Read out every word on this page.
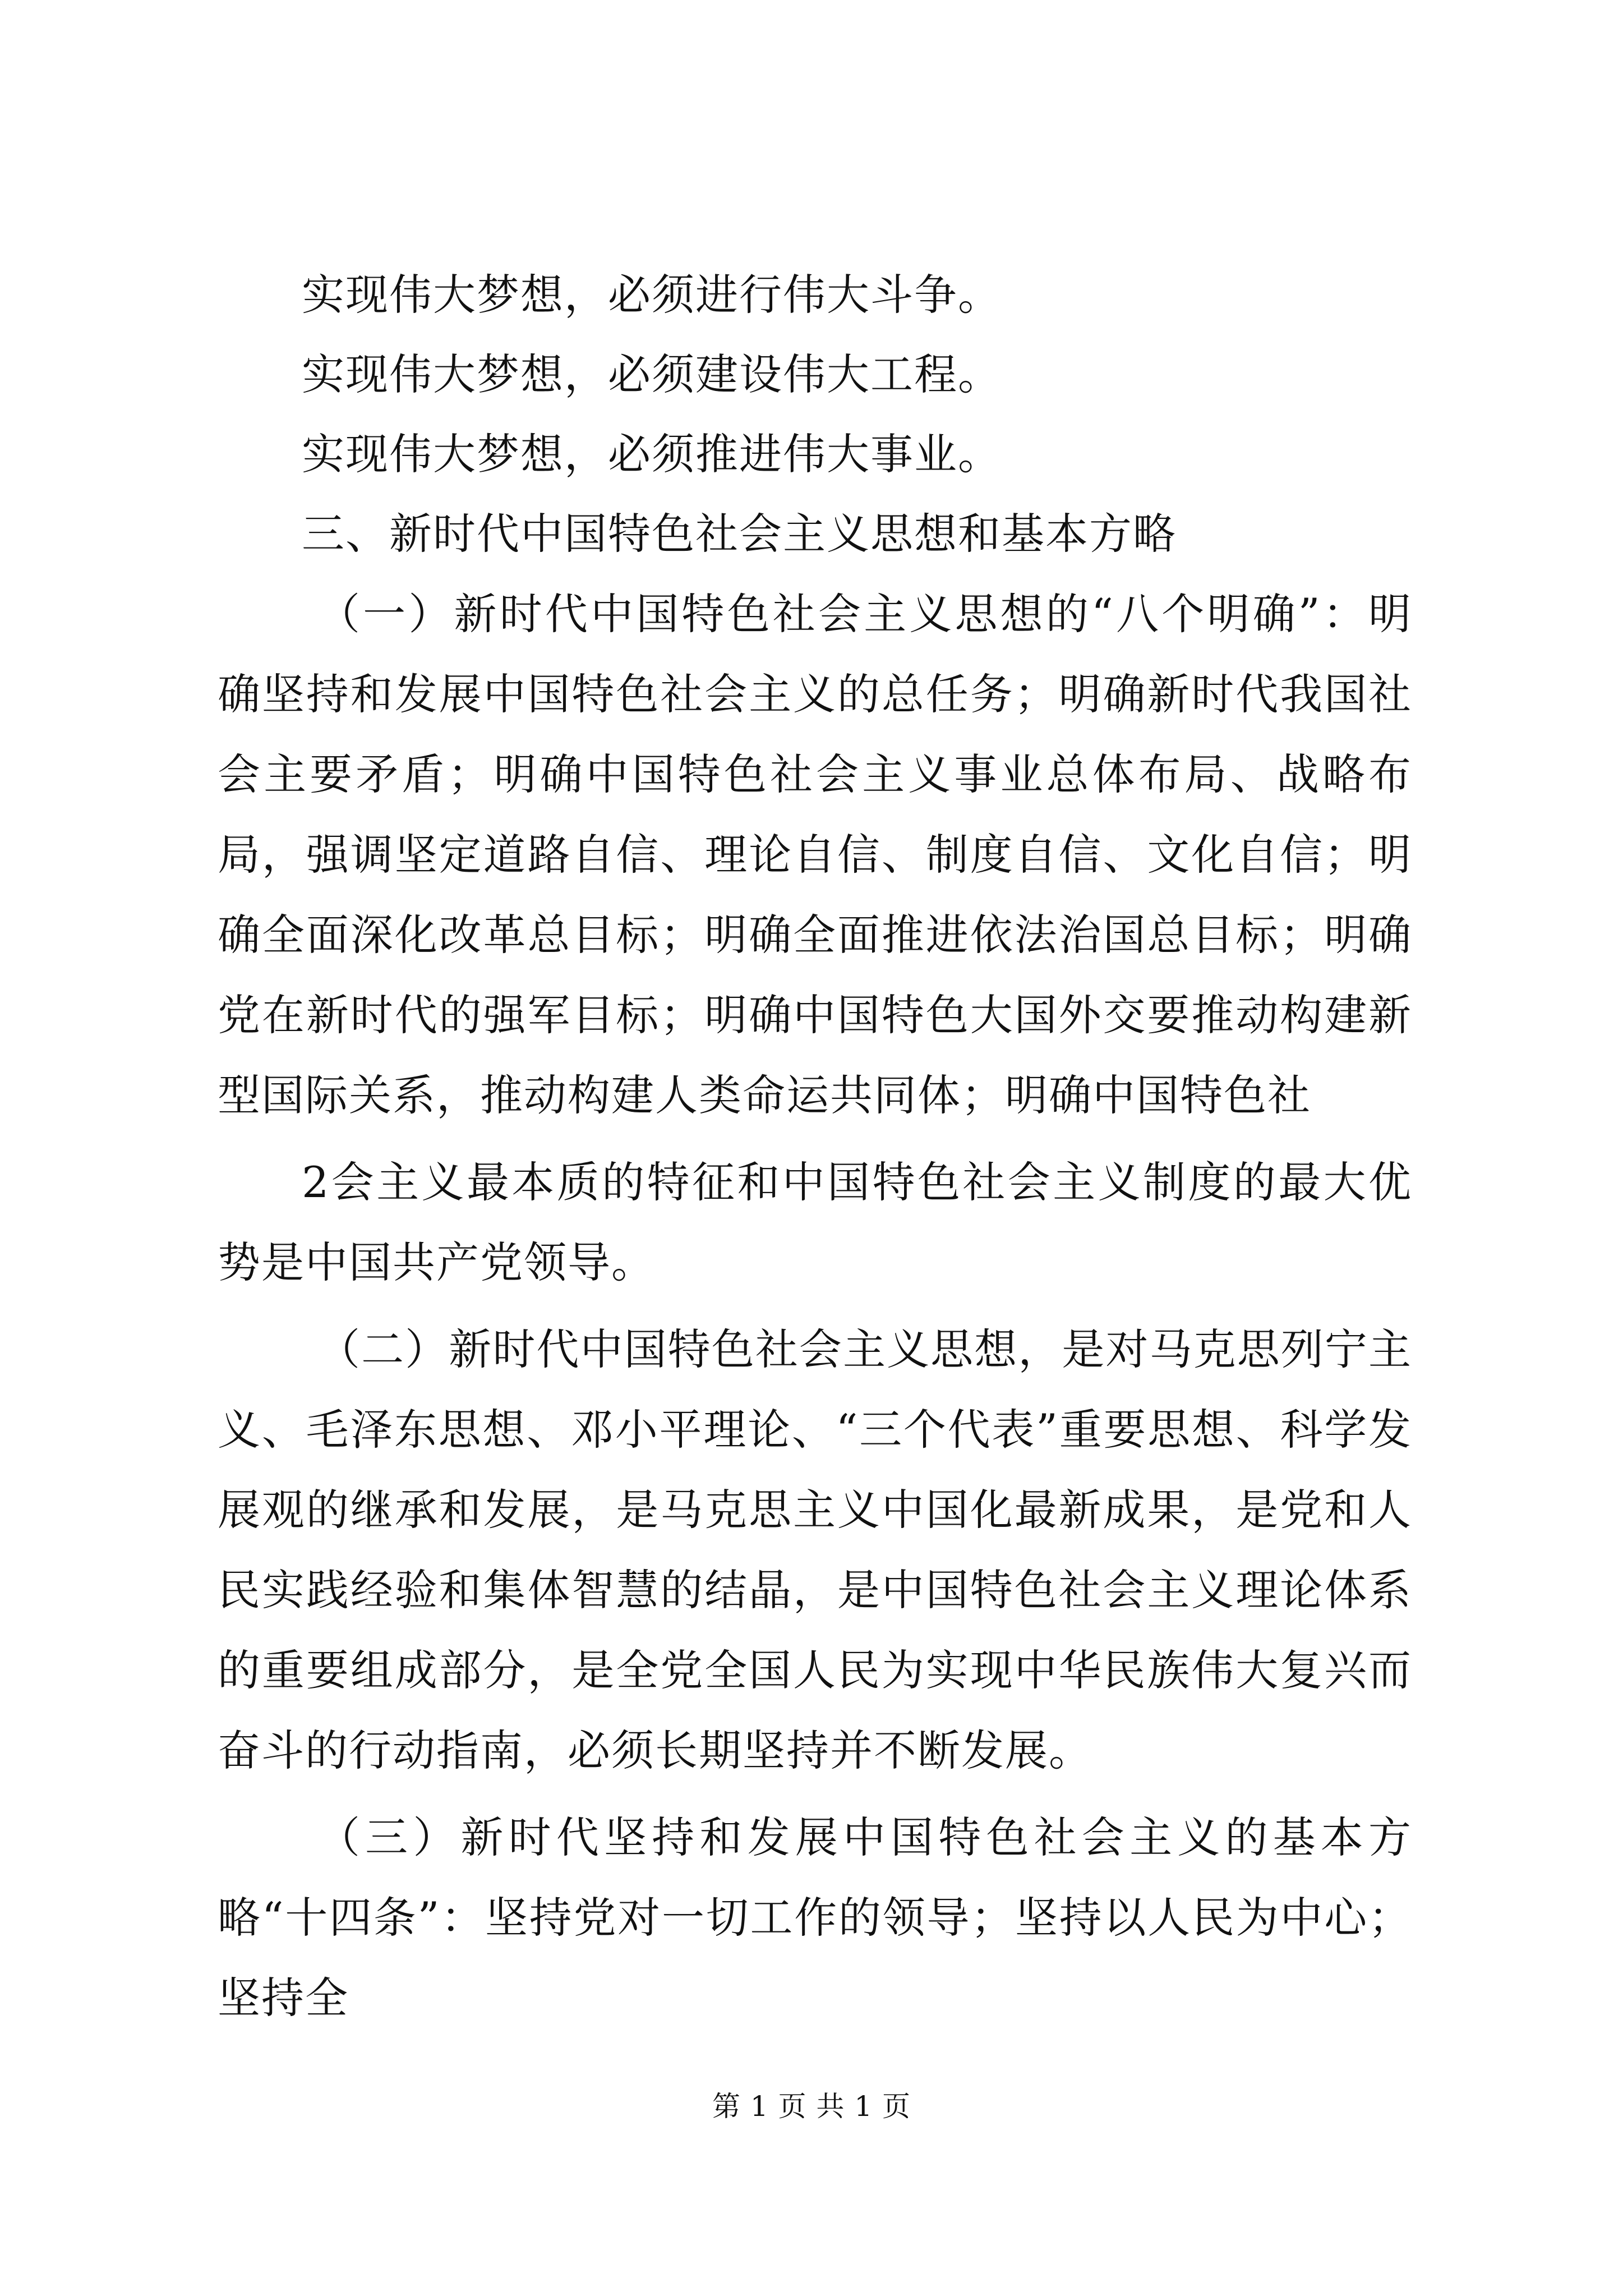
实现伟大梦想，必须进行伟大斗争。
实现伟大梦想，必须建设伟大工程。
实现伟大梦想，必须推进伟大事业。
三、新时代中国特色社会主义思想和基本方略
（一）新时代中国特色社会主义思想的“八个明确”：明确坚持和发展中国特色社会主义的总任务；明确新时代我国社会主要矛盾；明确中国特色社会主义事业总体布局、战略布局，强调坚定道路自信、理论自信、制度自信、文化自信；明确全面深化改革总目标；明确全面推进依法治国总目标；明确党在新时代的强军目标；明确中国特色大国外交要推动构建新型国际关系，推动构建人类命运共同体；明确中国特色社
2会主义最本质的特征和中国特色社会主义制度的最大优势是中国共产党领导。
（二）新时代中国特色社会主义思想，是对马克思列宁主义、毛泽东思想、邓小平理论、“三个代表”重要思想、科学发展观的继承和发展，是马克思主义中国化最新成果，是党和人民实践经验和集体智慧的结晶，是中国特色社会主义理论体系的重要组成部分，是全党全国人民为实现中华民族伟大复兴而奋斗的行动指南，必须长期坚持并不断发展。
（三）新时代坚持和发展中国特色社会主义的基本方略“十四条”：坚持党对一切工作的领导；坚持以人民为中心；坚持全
第 1 页 共 1 页
